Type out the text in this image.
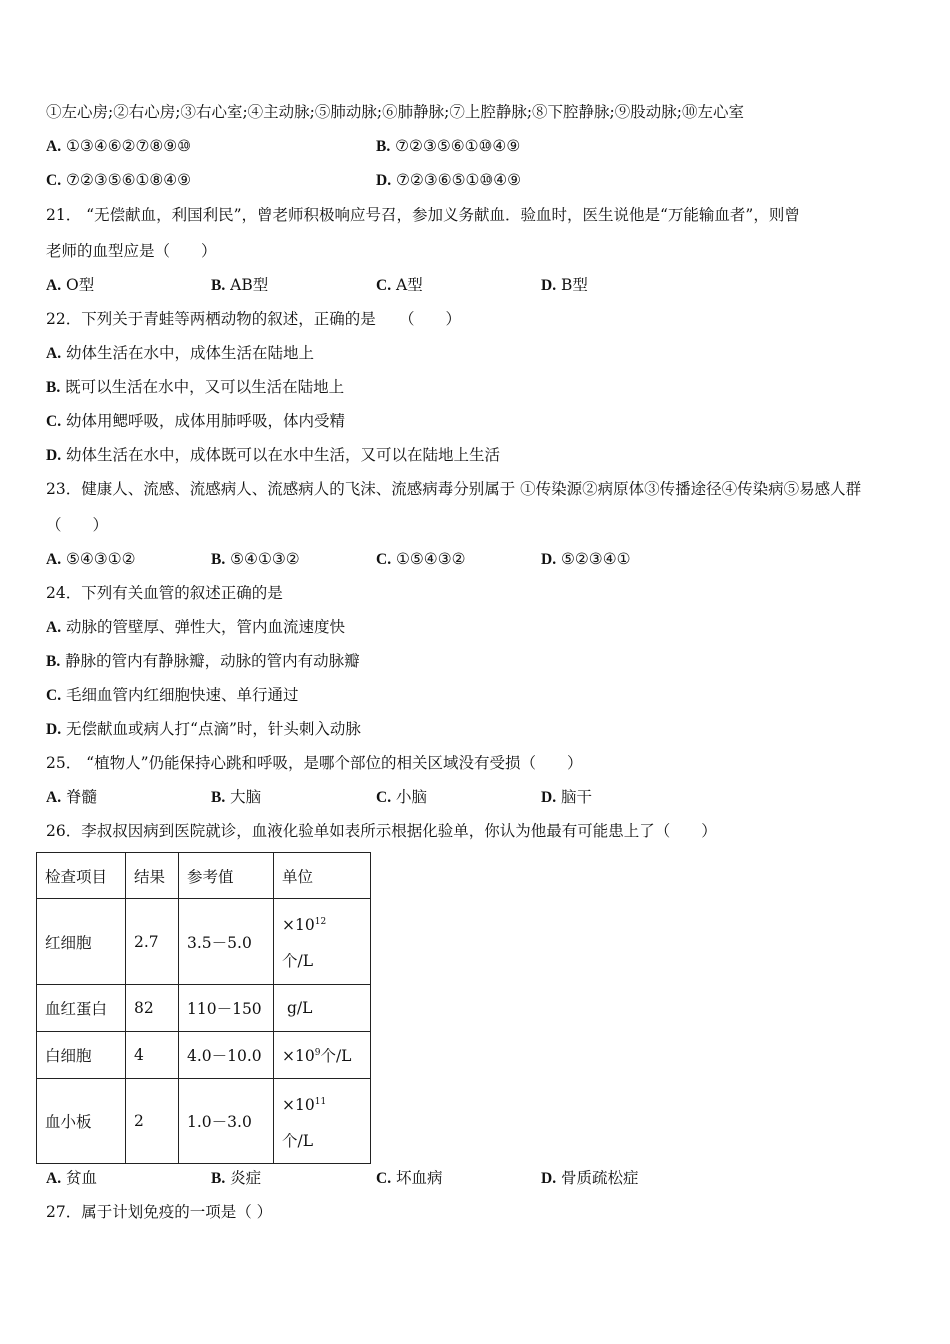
①左心房;②右心房;③右心室;④主动脉;⑤肺动脉;⑥肺静脉;⑦上腔静脉;⑧下腔静脉;⑨股动脉;⑩左心室
A. ①③④⑥②⑦⑧⑨⑩	B. ⑦②③⑤⑥①⑩④⑨
C. ⑦②③⑤⑥①⑧④⑨	D. ⑦②③⑥⑤①⑩④⑨
21． “无偿献血，利国利民”，曾老师积极响应号召，参加义务献血．验血时，医生说他是“万能输血者”，则曾
老师的血型应是（　　）
A. O型	B. AB型	C. A型	D. B型
22．下列关于青蛙等两栖动物的叙述，正确的是　　（　　）
A. 幼体生活在水中，成体生活在陆地上
B. 既可以生活在水中，又可以生活在陆地上
C. 幼体用鳃呼吸，成体用肺呼吸，体内受精
D. 幼体生活在水中，成体既可以在水中生活，又可以在陆地上生活
23．健康人、流感、流感病人、流感病人的飞沫、流感病毒分别属于 ①传染源②病原体③传播途径④传染病⑤易感人群
（　　）
A. ⑤④③①②	B. ⑤④①③②	C. ①⑤④③②	D. ⑤②③④①
24．下列有关血管的叙述正确的是
A. 动脉的管壁厚、弹性大，管内血流速度快
B. 静脉的管内有静脉瓣，动脉的管内有动脉瓣
C. 毛细血管内红细胞快速、单行通过
D. 无偿献血或病人打“点滴”时，针头刺入动脉
25． “植物人”仍能保持心跳和呼吸，是哪个部位的相关区域没有受损（　　）
A. 脊髓	B. 大脑	C. 小脑	D. 脑干
26．李叔叔因病到医院就诊，血液化验单如表所示根据化验单，你认为他最有可能患上了（　　）
检查项目	结果	参考值	单位
红细胞	2.7	3.5－5.0	$\times 10^{12}$
个/L
血红蛋白	82	110－150	g/L
白细胞	4	4.0－10.0	$\times 10^9$个/L
血小板	2	1.0－3.0	$\times 10^{11}$
个/L
A. 贫血	B. 炎症	C. 坏血病	D. 骨质疏松症
27．属于计划免疫的一项是（ ）
